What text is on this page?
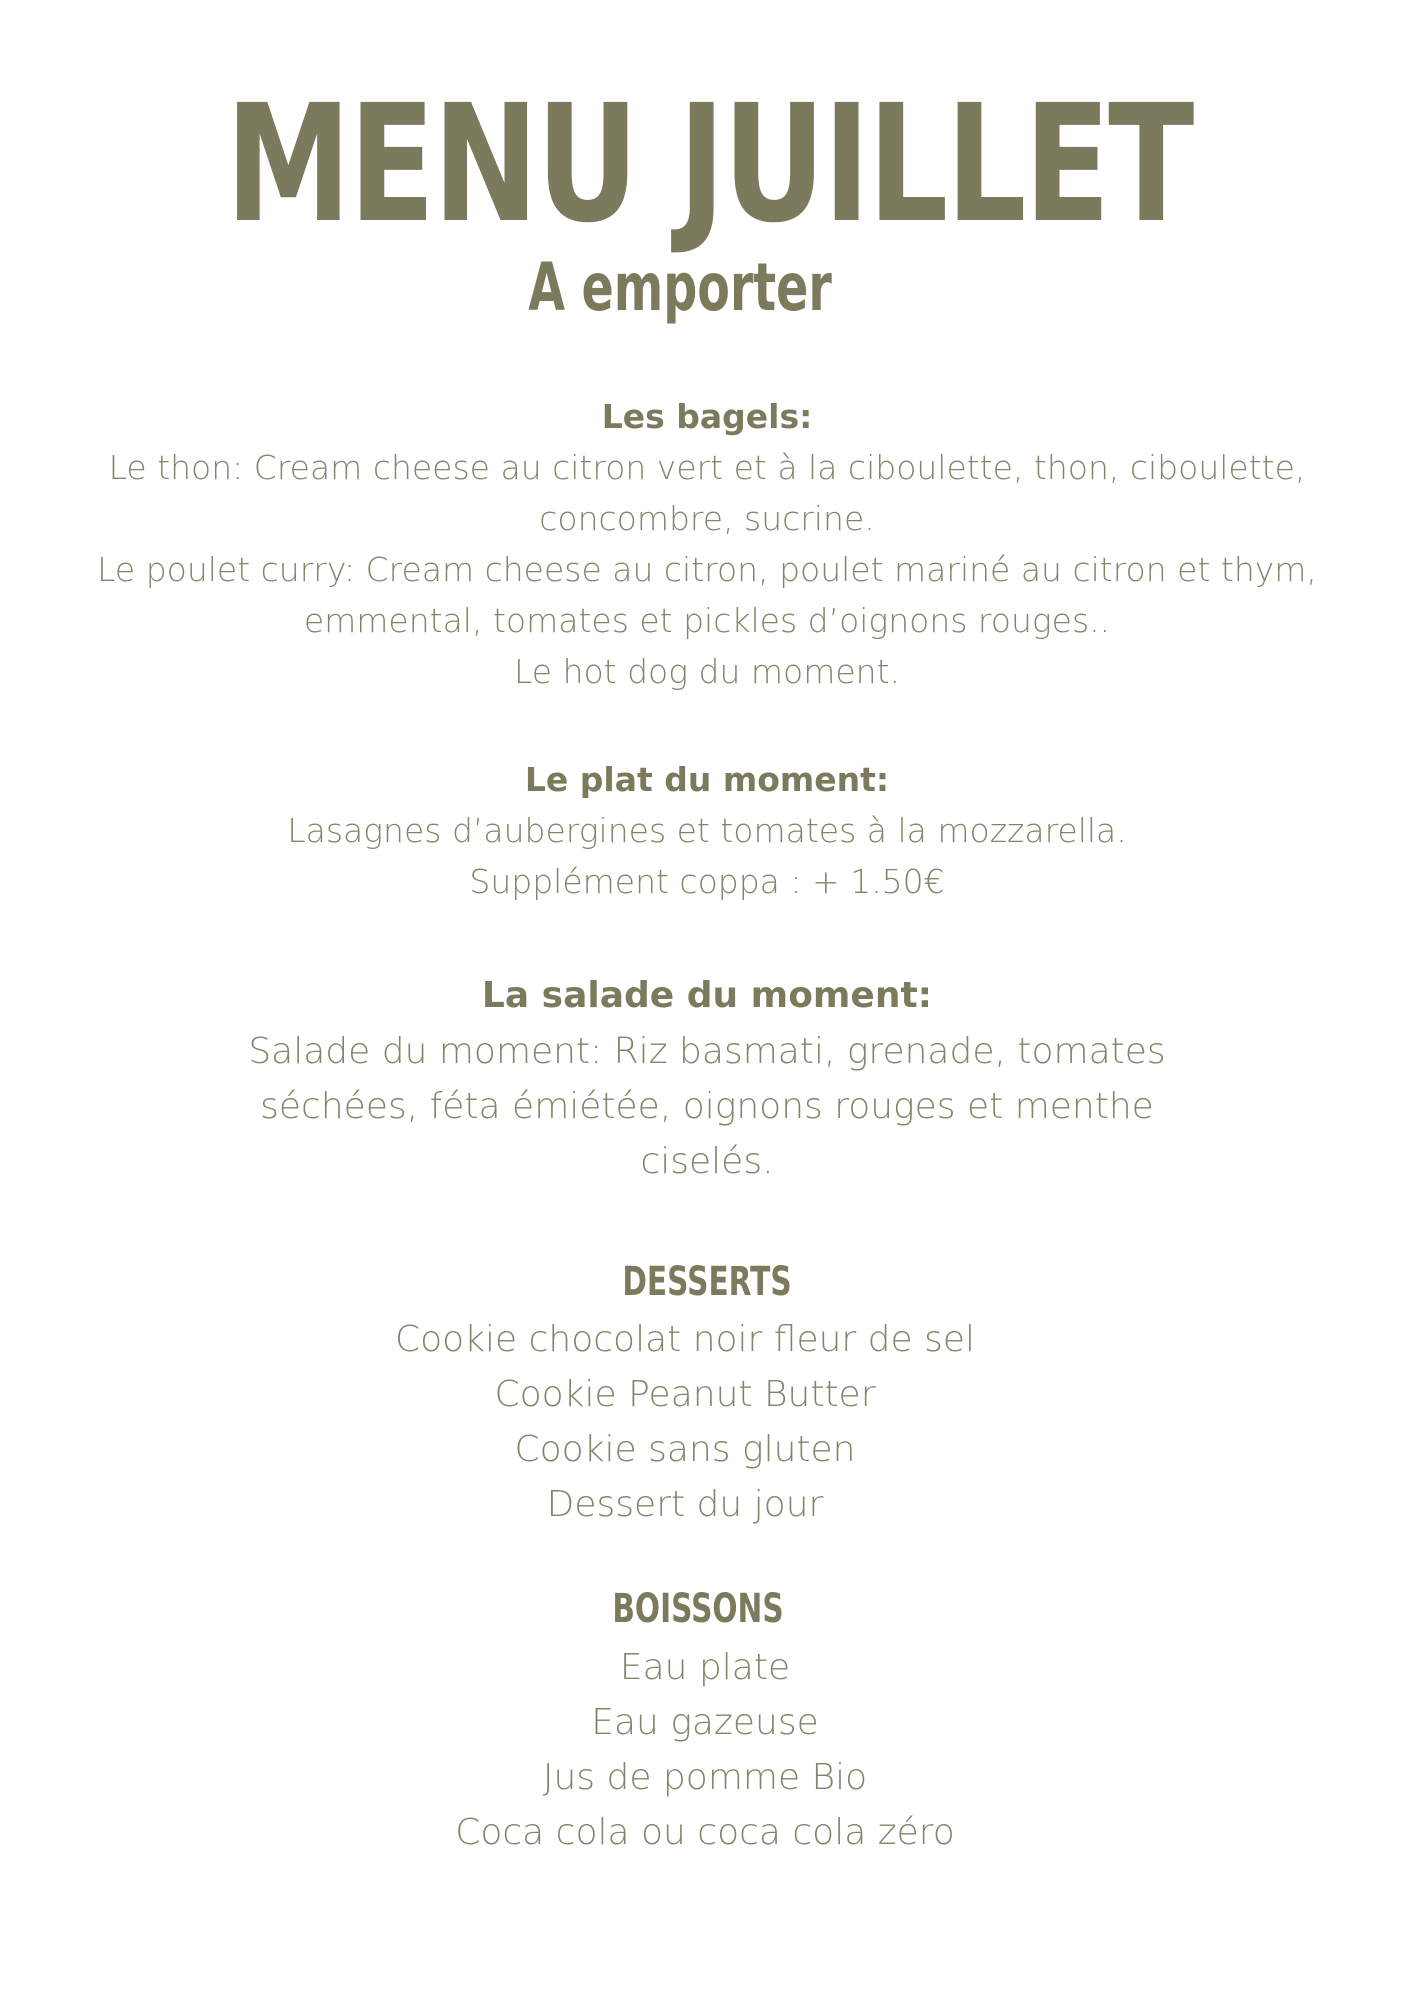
MENU JUILLET
A emporter
Les bagels:
Le thon: Cream cheese au citron vert et à la ciboulette, thon, ciboulette,
concombre, sucrine.
Le poulet curry: Cream cheese au citron, poulet mariné au citron et thym,
emmental, tomates et pickles d’oignons rouges..
Le hot dog du moment.
Le plat du moment:
Lasagnes d’aubergines et tomates à la mozzarella.
Supplément coppa : + 1.50€
La salade du moment:
Salade du moment: Riz basmati, grenade, tomates
séchées, féta émiétée, oignons rouges et menthe
ciselés.
DESSERTS
Cookie chocolat noir fleur de sel
Cookie Peanut Butter
Cookie sans gluten
Dessert du jour
BOISSONS
Eau plate
Eau gazeuse
Jus de pomme Bio
Coca cola ou coca cola zéro
